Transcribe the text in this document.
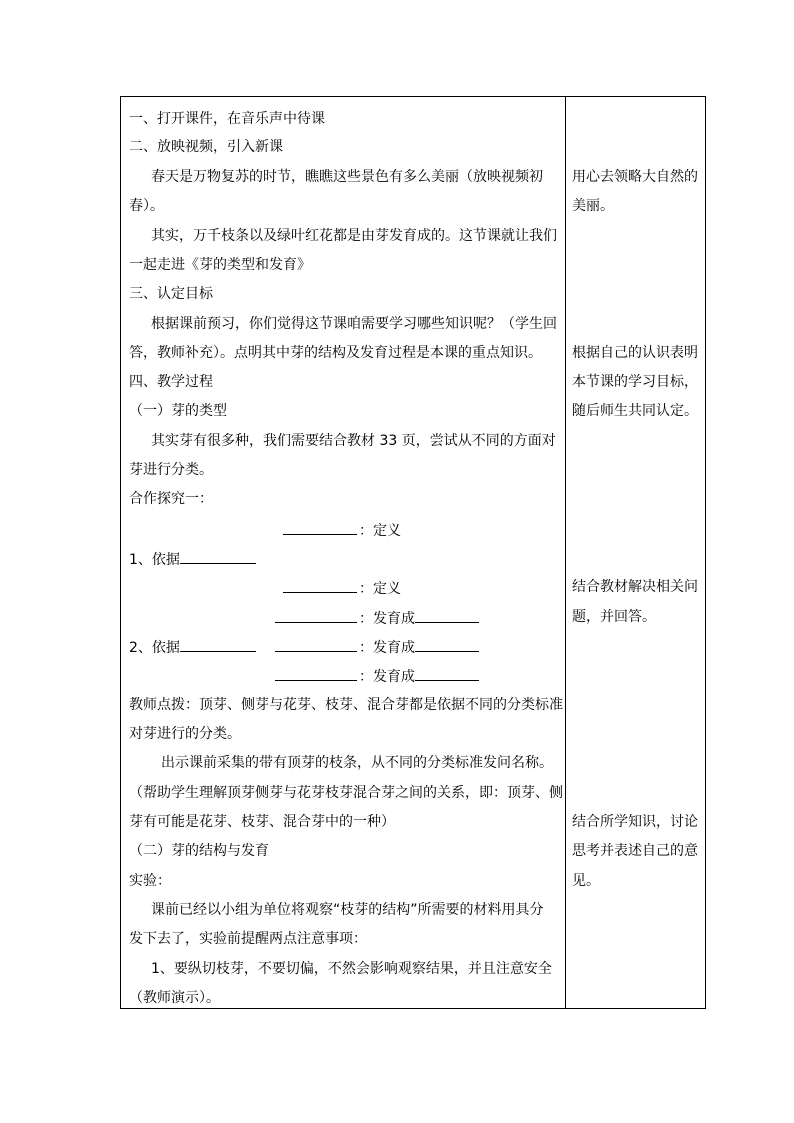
一、打开课件，在音乐声中待课
二、放映视频，引入新课
春天是万物复苏的时节，瞧瞧这些景色有多么美丽（放映视频初
春）。
其实，万千枝条以及绿叶红花都是由芽发育成的。这节课就让我们
一起走进《芽的类型和发育》
三、认定目标
根据课前预习，你们觉得这节课咱需要学习哪些知识呢？（学生回
答，教师补充）。点明其中芽的结构及发育过程是本课的重点知识。
四、教学过程
（一）芽的类型
其实芽有很多种，我们需要结合教材 33 页，尝试从不同的方面对
芽进行分类。
合作探究一：
：定义
1、依据
：定义
：发育成
2、依据	：发育成
：发育成
教师点拨：顶芽、侧芽与花芽、枝芽、混合芽都是依据不同的分类标准
对芽进行的分类。
出示课前采集的带有顶芽的枝条，从不同的分类标准发问名称。
（帮助学生理解顶芽侧芽与花芽枝芽混合芽之间的关系，即：顶芽、侧
芽有可能是花芽、枝芽、混合芽中的一种）
（二）芽的结构与发育
实验：
课前已经以小组为单位将观察“枝芽的结构”所需要的材料用具分
发下去了，实验前提醒两点注意事项：
1、要纵切枝芽，不要切偏，不然会影响观察结果，并且注意安全
（教师演示）。
用心去领略大自然的
美丽。
根据自己的认识表明
本节课的学习目标，
随后师生共同认定。
结合教材解决相关问
题，并回答。
结合所学知识，讨论
思考并表述自己的意
见。
